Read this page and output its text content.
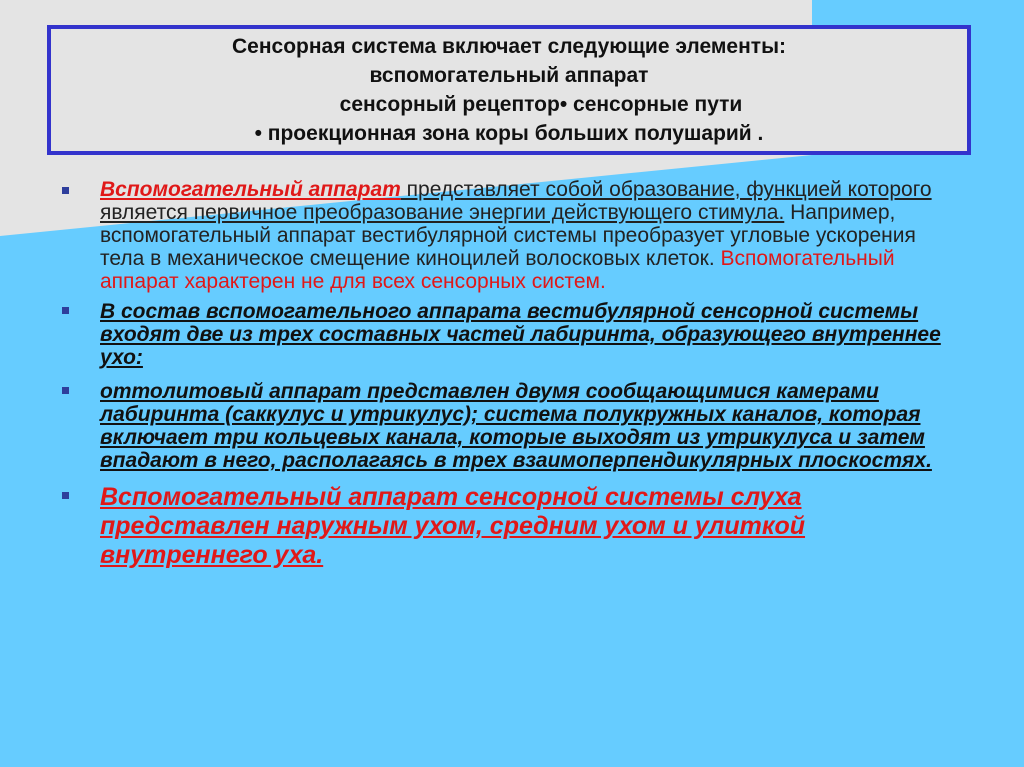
Сенсорная система включает следующие элементы:
вспомогательный аппарат
сенсорный рецептор• сенсорные пути
• проекционная зона коры больших полушарий .
Вспомогательный аппарат представляет собой образование, функцией которого является первичное преобразование энергии действующего стимула. Например, вспомогательный аппарат вестибулярной системы преобразует угловые ускорения тела в механическое смещение киноцилей волосковых клеток. Вспомогательный аппарат характерен не для всех сенсорных систем.
В состав вспомогательного аппарата вестибулярной сенсорной системы входят две из трех составных частей лабиринта, образующего внутреннее ухо:
оттолитовый аппарат представлен двумя сообщающимися камерами лабиринта (саккулус и утрикулус); система полукружных каналов, которая включает три кольцевых канала, которые выходят из утрикулуса и затем впадают в него, располагаясь в трех взаимоперпендикулярных плоскостях.
Вспомогательный аппарат сенсорной системы слуха представлен наружным ухом, средним ухом и улиткой внутреннего уха.
